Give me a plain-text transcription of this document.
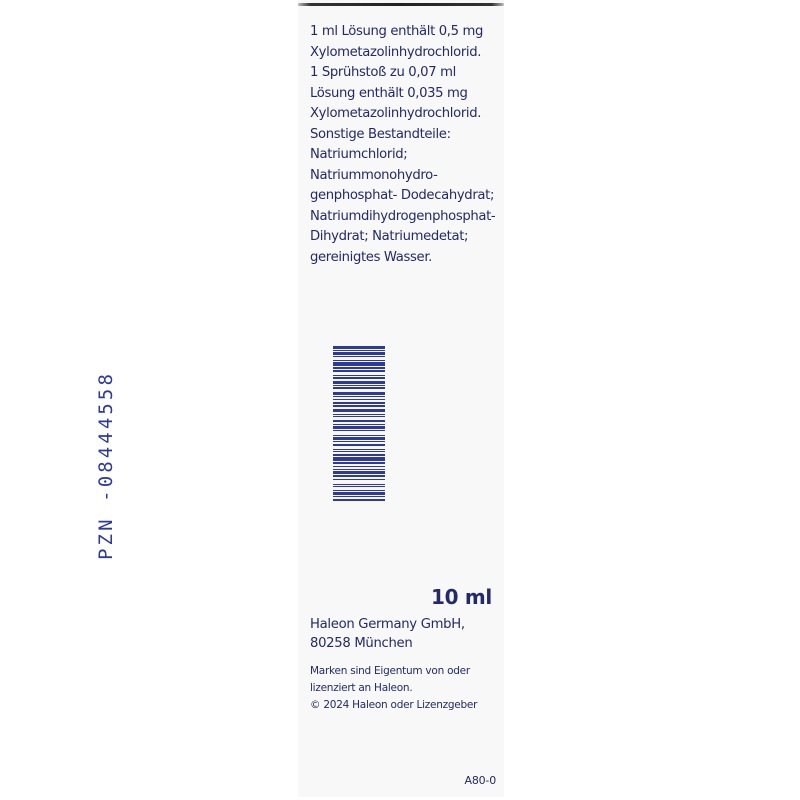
1 ml Lösung enthält 0,5 mg
Xylometazolinhydrochlorid.
1 Sprühstoß zu 0,07 ml
Lösung enthält 0,035 mg
Xylometazolinhydrochlorid.
Sonstige Bestandteile:
Natriumchlorid;
Natriummonohydro-
genphosphat- Dodecahydrat;
Natriumdihydrogenphosphat-
Dihydrat; Natriumedetat;
gereinigtes Wasser.
10 ml
Haleon Germany GmbH,
80258 München
Marken sind Eigentum von oder
lizenziert an Haleon.
© 2024 Haleon oder Lizenzgeber
A80-0
PZN -08444558
